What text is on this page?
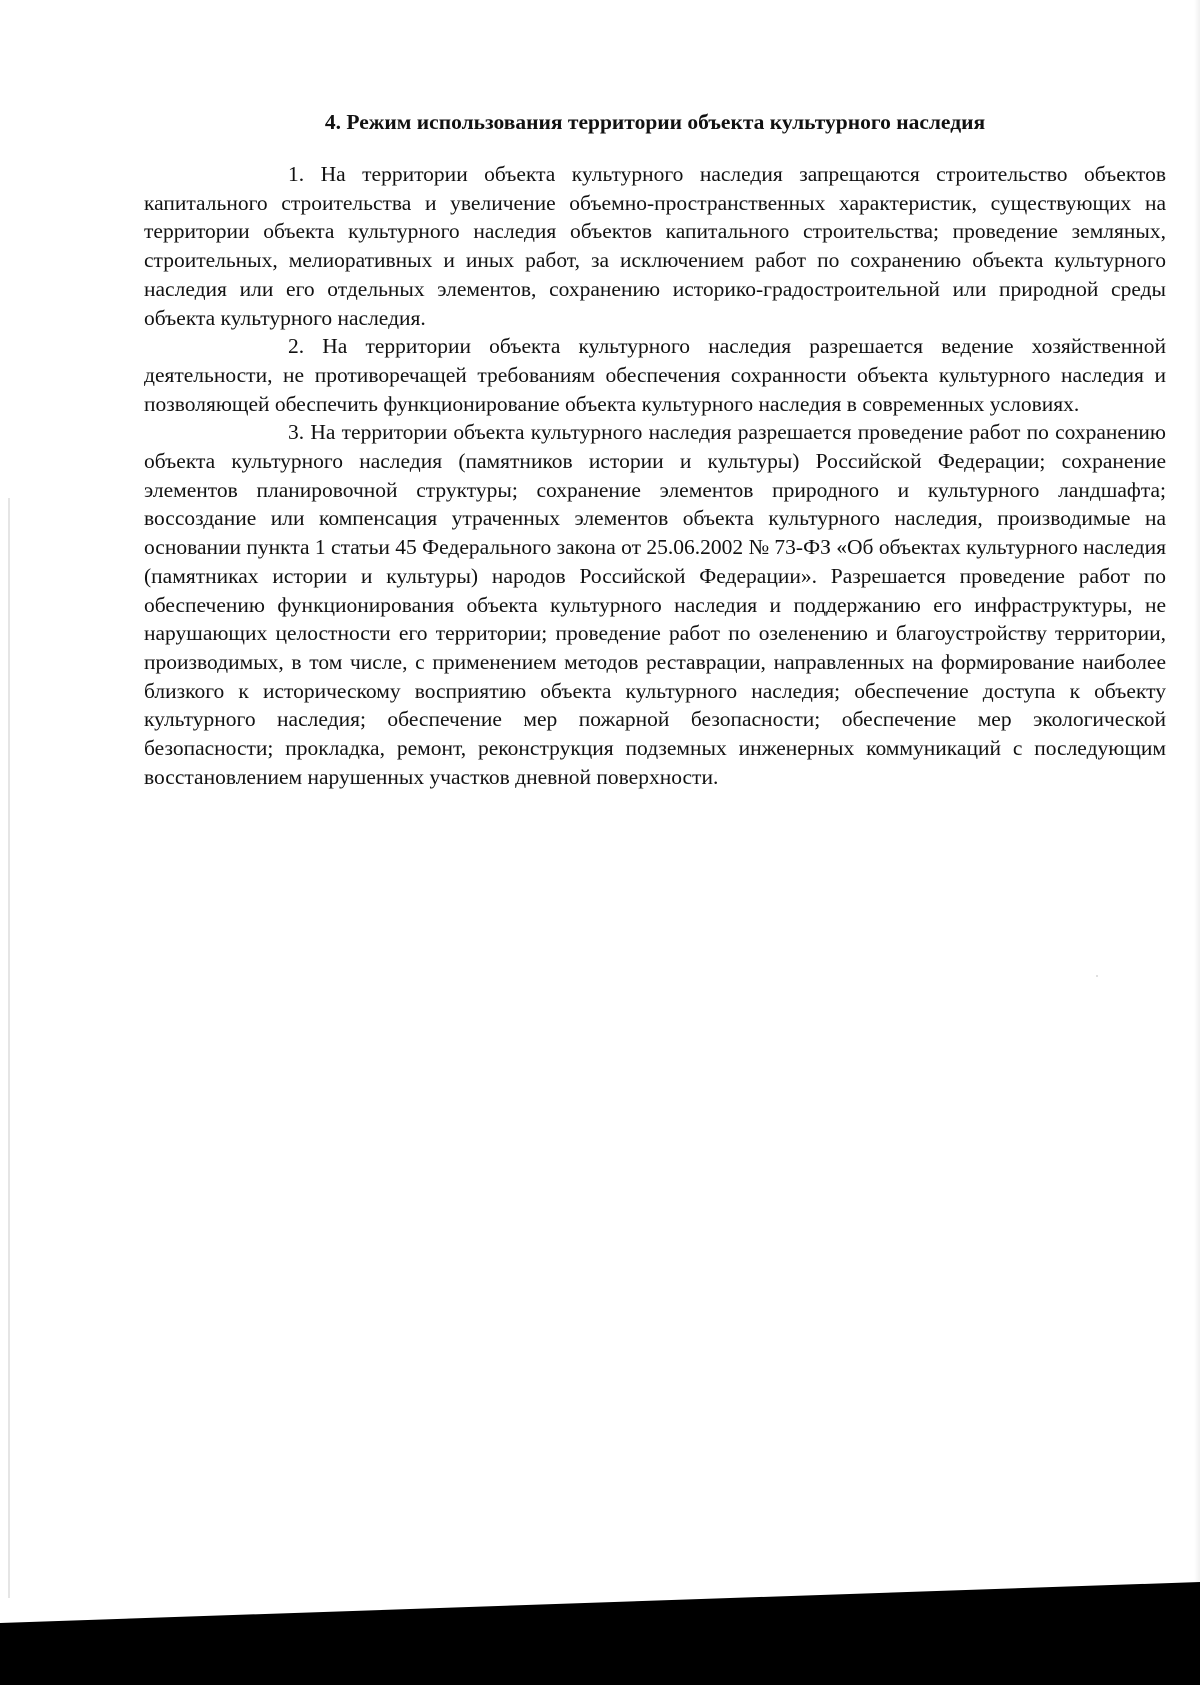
4. Режим использования территории объекта культурного наследия

1. На территории объекта культурного наследия запрещаются строительство объектов капитального строительства и увеличение объемно-пространственных характеристик, существующих на территории объекта культурного наследия объектов капитального строительства; проведение земляных, строительных, мелиоративных и иных работ, за исключением работ по сохранению объекта культурного наследия или его отдельных элементов, сохранению историко-градостроительной или природной среды объекта культурного наследия.

2. На территории объекта культурного наследия разрешается ведение хозяйственной деятельности, не противоречащей требованиям обеспечения сохранности объекта культурного наследия и позволяющей обеспечить функционирование объекта культурного наследия в современных условиях.

3. На территории объекта культурного наследия разрешается проведение работ по сохранению объекта культурного наследия (памятников истории и культуры) Российской Федерации; сохранение элементов планировочной структуры; сохранение элементов природного и культурного ландшафта; воссоздание или компенсация утраченных элементов объекта культурного наследия, производимые на основании пункта 1 статьи 45 Федерального закона от 25.06.2002 № 73-ФЗ «Об объектах культурного наследия (памятниках истории и культуры) народов Российской Федерации». Разрешается проведение работ по обеспечению функционирования объекта культурного наследия и поддержанию его инфраструктуры, не нарушающих целостности его территории; проведение работ по озеленению и благоустройству территории, производимых, в том числе, с применением методов реставрации, направленных на формирование наиболее близкого к историческому восприятию объекта культурного наследия; обеспечение доступа к объекту культурного наследия; обеспечение мер пожарной безопасности; обеспечение мер экологической безопасности; прокладка, ремонт, реконструкция подземных инженерных коммуникаций с последующим восстановлением нарушенных участков дневной поверхности.
